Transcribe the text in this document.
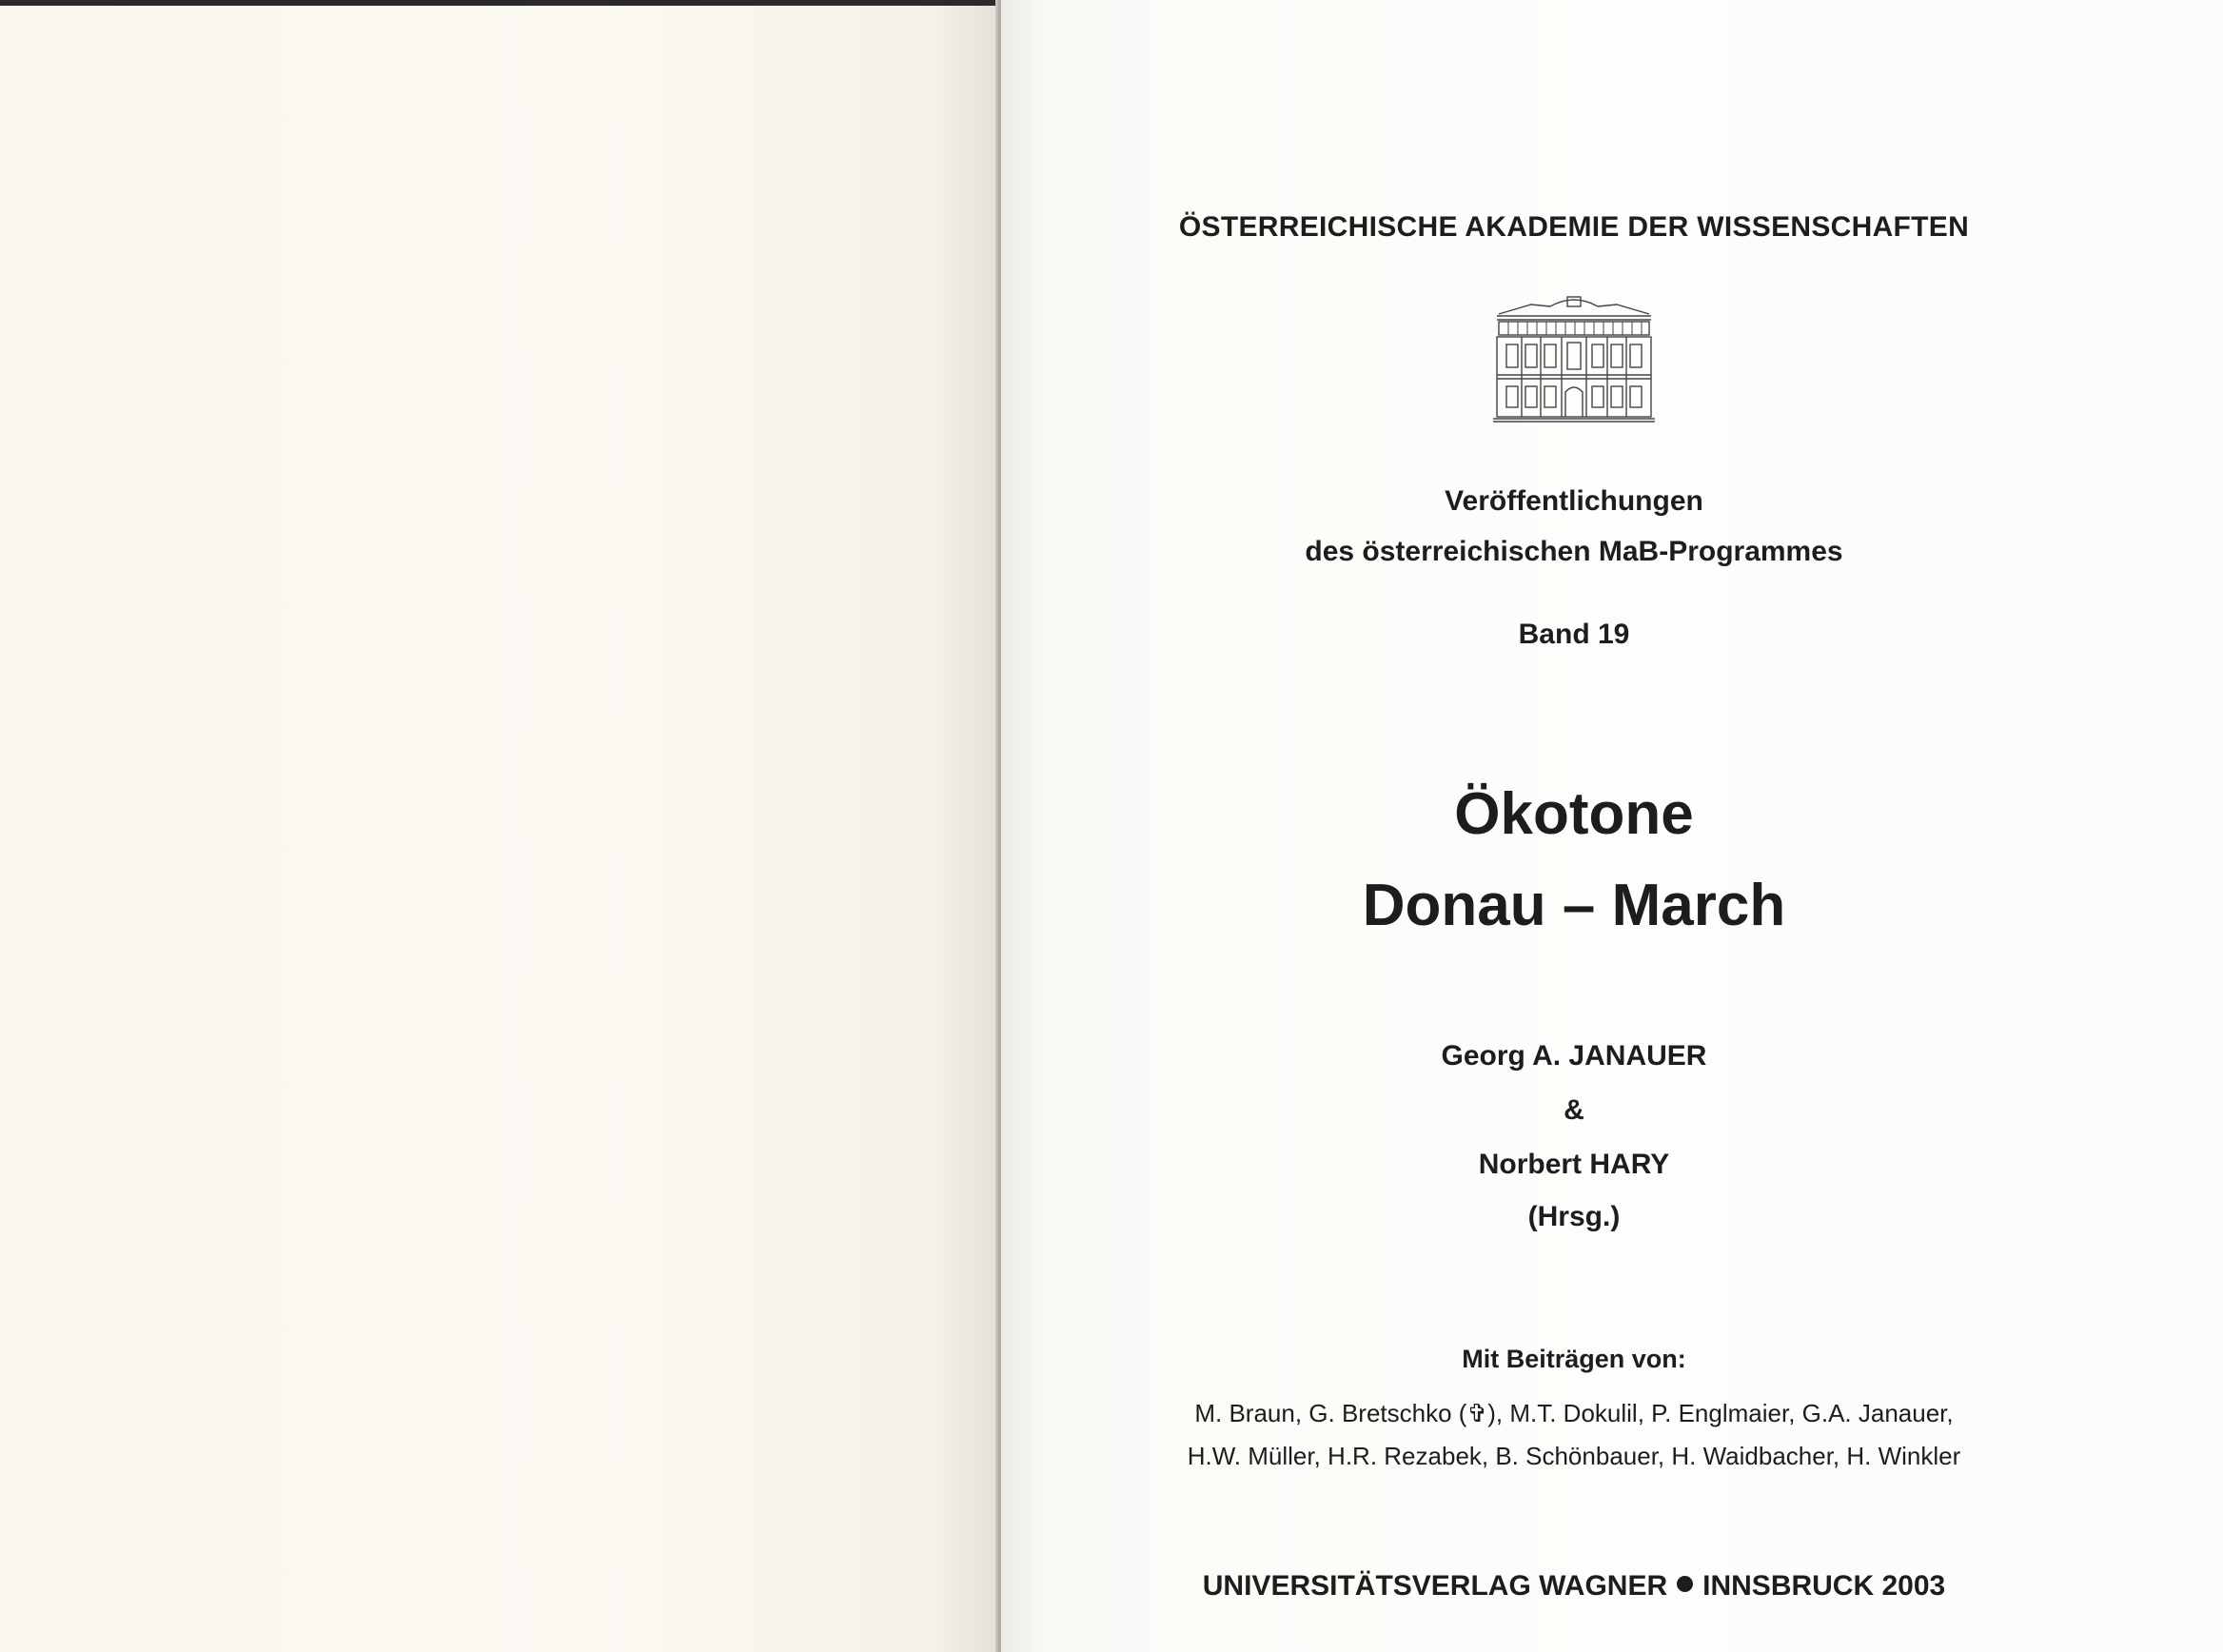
ÖSTERREICHISCHE AKADEMIE DER WISSENSCHAFTEN
Veröffentlichungen
des österreichischen MaB-Programmes
Band 19
Ökotone
Donau – March
Georg A. JANAUER
&
Norbert HARY
(Hrsg.)
Mit Beiträgen von:
M. Braun, G. Bretschko (✞), M.T. Dokulil, P. Englmaier, G.A. Janauer,
H.W. Müller, H.R. Rezabek, B. Schönbauer, H. Waidbacher, H. Winkler
UNIVERSITÄTSVERLAG WAGNER INNSBRUCK 2003
